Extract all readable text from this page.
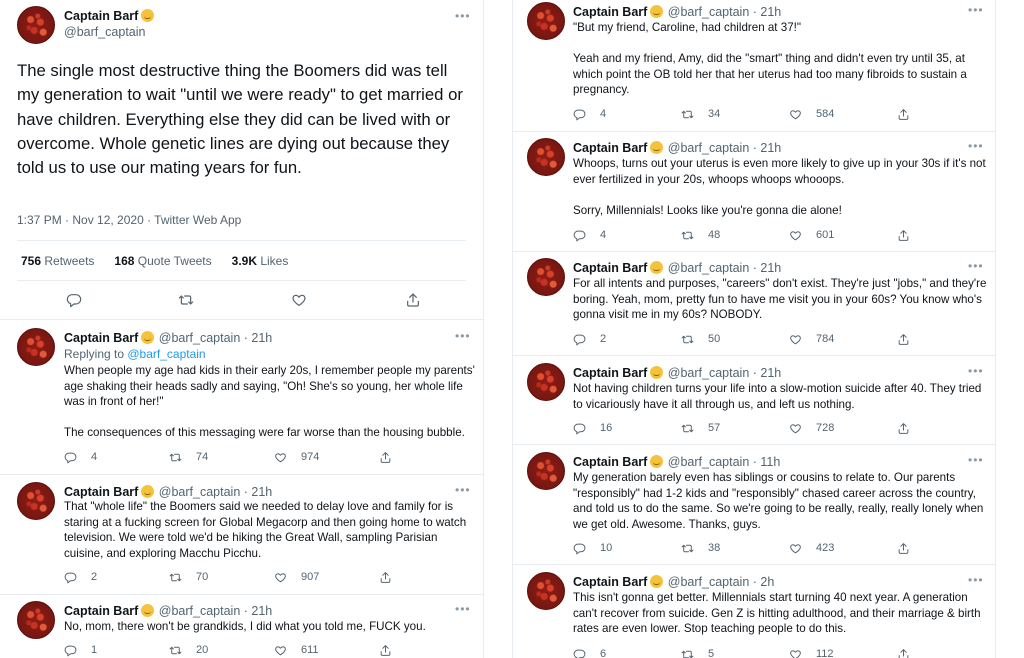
Captain Barf
@barf_captain
•••
The single most destructive thing the Boomers did was tell my generation to wait "until we were ready" to get married or have children. Everything else they did can be lived with or overcome. Whole genetic lines are dying out because they told us to use our mating years for fun.
1:37 PM · Nov 12, 2020 · Twitter Web App
756 Retweets 168 Quote Tweets 3.9K Likes
Captain Barf @barf_captain · 21h	•••
Replying to @barf_captain
When people my age had kids in their early 20s, I remember people my parents' age shaking their heads sadly and saying, "Oh! She's so young, her whole life was in front of her!"

The consequences of this messaging were far worse than the housing bubble.
4	74	974
Captain Barf @barf_captain · 21h	•••
That "whole life" the Boomers said we needed to delay love and family for is staring at a fucking screen for Global Megacorp and then going home to watch television. We were told we'd be hiking the Great Wall, sampling Parisian cuisine, and exploring Macchu Picchu.
2	70	907
Captain Barf @barf_captain · 21h	•••
No, mom, there won't be grandkids, I did what you told me, FUCK you.
1	20	611
Captain Barf @barf_captain · 21h	•••
"But my friend, Caroline, had children at 37!"

Yeah and my friend, Amy, did the "smart" thing and didn't even try until 35, at which point the OB told her that her uterus had too many fibroids to sustain a pregnancy.
4	34	584
Captain Barf @barf_captain · 21h	•••
Whoops, turns out your uterus is even more likely to give up in your 30s if it's not ever fertilized in your 20s, whoops whoops whooops.

Sorry, Millennials! Looks like you're gonna die alone!
4	48	601
Captain Barf @barf_captain · 21h	•••
For all intents and purposes, "careers" don't exist. They're just "jobs," and they're boring. Yeah, mom, pretty fun to have me visit you in your 60s? You know who's gonna visit me in my 60s? NOBODY.
2	50	784
Captain Barf @barf_captain · 21h	•••
Not having children turns your life into a slow-motion suicide after 40. They tried to vicariously have it all through us, and left us nothing.
16	57	728
Captain Barf @barf_captain · 11h	•••
My generation barely even has siblings or cousins to relate to. Our parents "responsibly" had 1-2 kids and "responsibly" chased career across the country, and told us to do the same. So we're going to be really, really, really lonely when we get old. Awesome. Thanks, guys.
10	38	423
Captain Barf @barf_captain · 2h	•••
This isn't gonna get better. Millennials start turning 40 next year. A generation can't recover from suicide. Gen Z is hitting adulthood, and their marriage & birth rates are even lower. Stop teaching people to do this.
6	5	112
